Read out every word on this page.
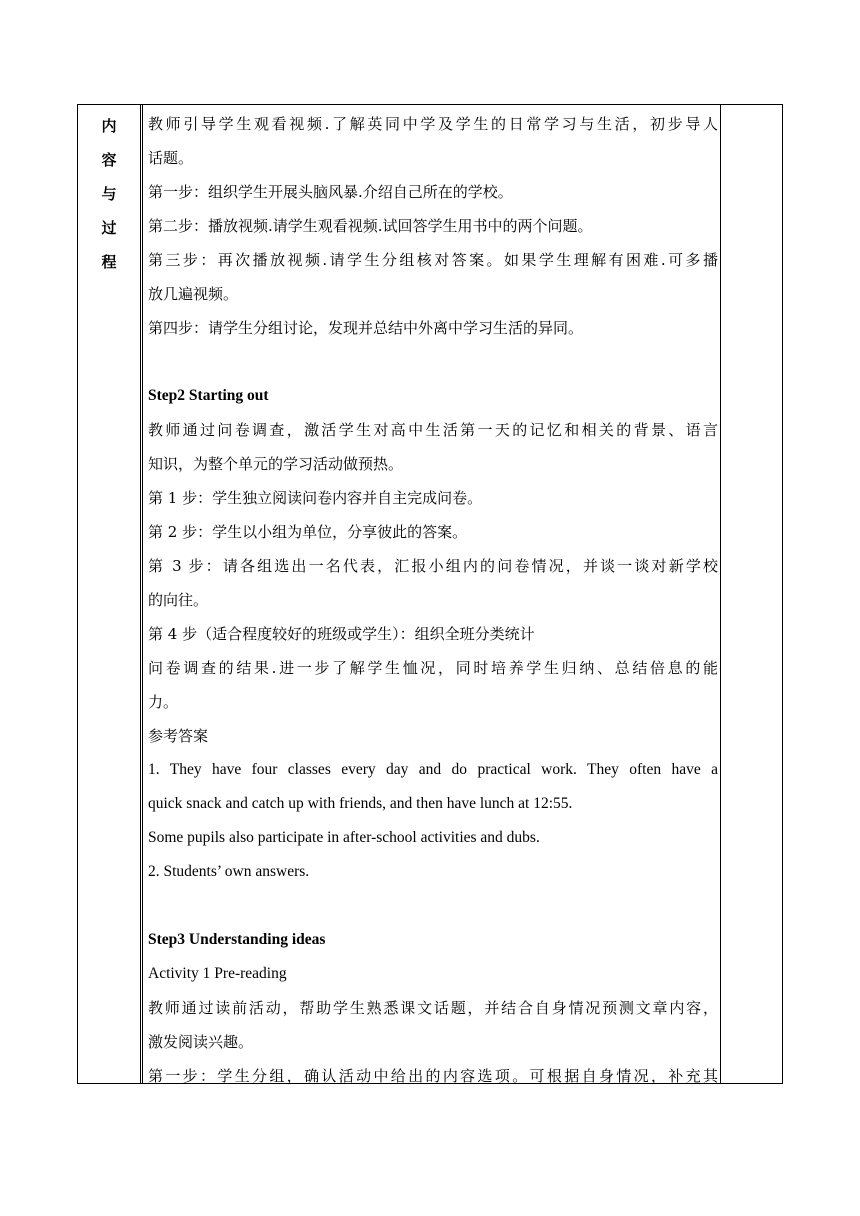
内
容
与
过
程
教师引导学生观看视频.了解英同中学及学生的日常学习与生活，初步导人
话题。
第一步：组织学生开展头脑风暴.介绍自己所在的学校。
第二步：播放视频.请学生观看视频.试回答学生用书中的两个问题。
第三步：再次播放视频.请学生分组核对答案。如果学生理解有困难.可多播
放几遍视频。
第四步：请学生分组讨论，发现并总结中外离中学习生活的异同。
Step2 Starting out
教师通过问卷调查，激活学生对高中生活第一天的记忆和相关的背景、语言
知识，为整个单元的学习活动做预热。
第 1 步：学生独立阅读问卷内容并自主完成问卷。
第 2 步：学生以小组为单位，分享彼此的答案。
第 3 步：请各组选出一名代表，汇报小组内的问卷情况，并谈一谈对新学校
的向往。
第 4 步（适合程度较好的班级或学生）：组织全班分类统计
问卷调查的结果.进一步了解学生恤况，同时培养学生归纳、总结倍息的能
力。
参考答案
1. They have four classes every day and do practical work. They often have a
quick snack and catch up with friends, and then have lunch at 12:55.
Some pupils also participate in after-school activities and dubs.
2. Students’ own answers.
Step3 Understanding ideas
Activity 1 Pre-reading
教师通过读前活动，帮助学生熟悉课文话题，并结合自身情况预测文章内容，
激发阅读兴趣。
第一步：学生分组，确认活动中给出的内容选项。可根据自身情况，补充其
